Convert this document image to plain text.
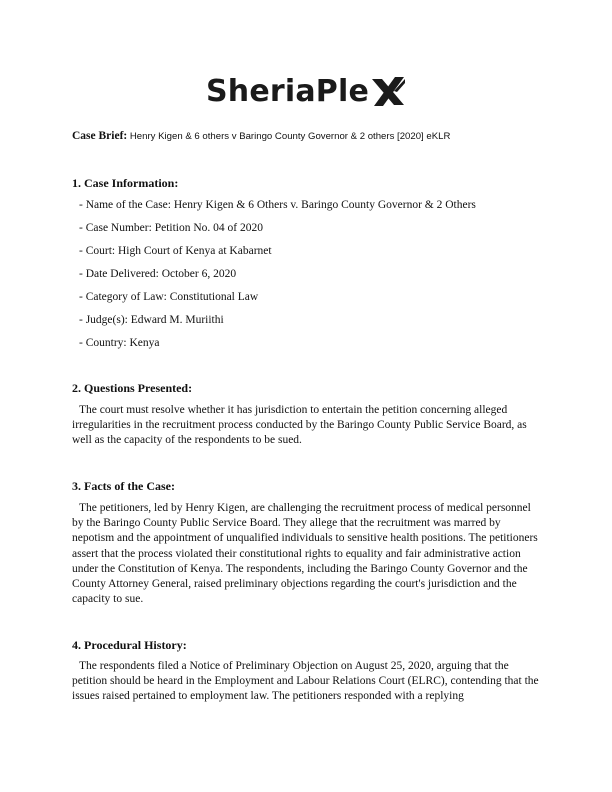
SheriaPle
Case Brief: Henry Kigen & 6 others v Baringo County Governor & 2 others [2020] eKLR
1. Case Information:
- Name of the Case: Henry Kigen & 6 Others v. Baringo County Governor & 2 Others
- Case Number: Petition No. 04 of 2020
- Court: High Court of Kenya at Kabarnet
- Date Delivered: October 6, 2020
- Category of Law: Constitutional Law
- Judge(s): Edward M. Muriithi
- Country: Kenya
2. Questions Presented:

The court must resolve whether it has jurisdiction to entertain the petition concerning alleged irregularities in the recruitment process conducted by the Baringo County Public Service Board, as well as the capacity of the respondents to be sued.

3. Facts of the Case:

The petitioners, led by Henry Kigen, are challenging the recruitment process of medical personnel by the Baringo County Public Service Board. They allege that the recruitment was marred by nepotism and the appointment of unqualified individuals to sensitive health positions. The petitioners assert that the process violated their constitutional rights to equality and fair administrative action under the Constitution of Kenya. The respondents, including the Baringo County Governor and the County Attorney General, raised preliminary objections regarding the court's jurisdiction and the capacity to sue.

4. Procedural History:

The respondents filed a Notice of Preliminary Objection on August 25, 2020, arguing that the petition should be heard in the Employment and Labour Relations Court (ELRC), contending that the issues raised pertained to employment law. The petitioners responded with a replying
